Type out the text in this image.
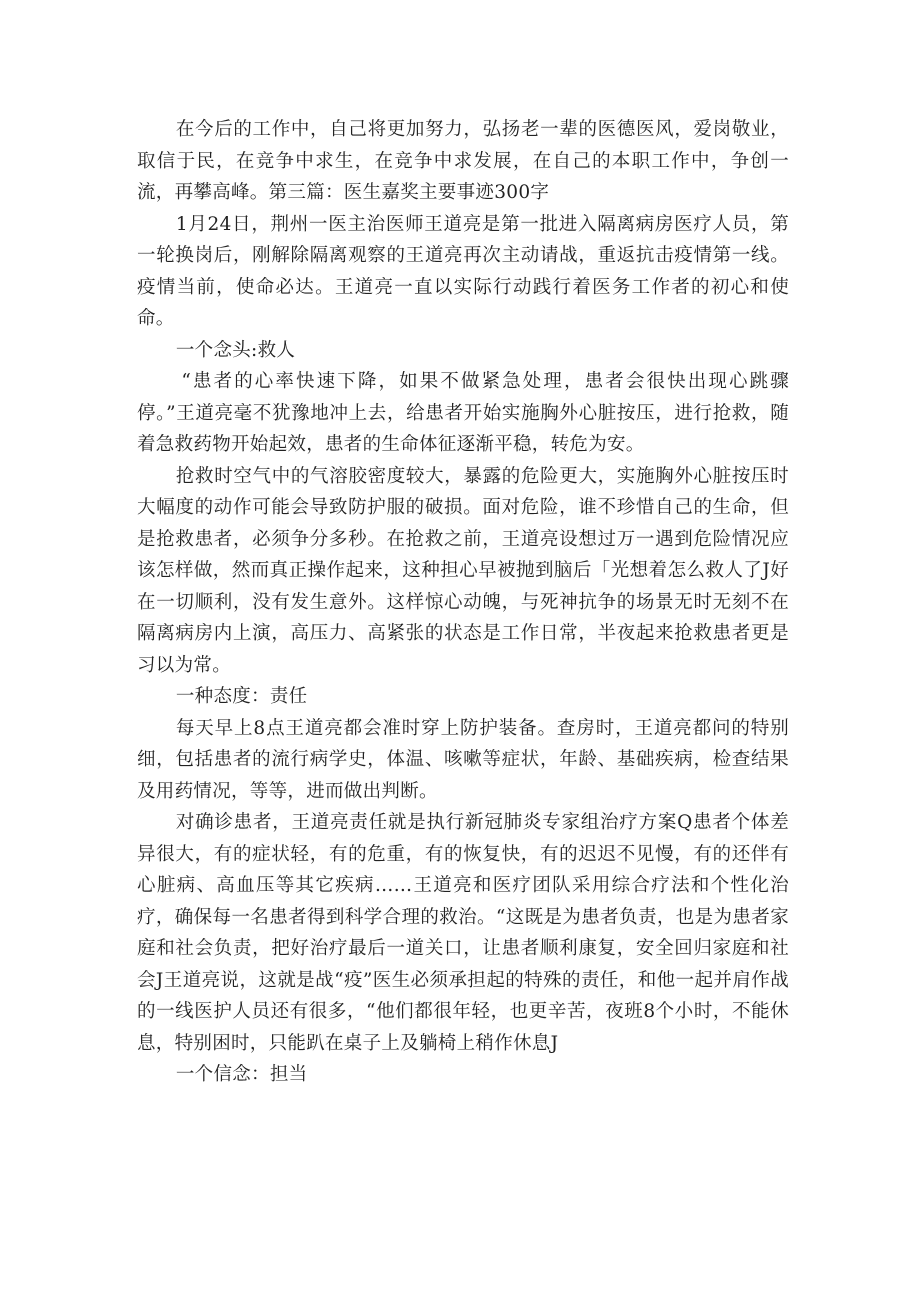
在今后的工作中，自己将更加努力，弘扬老一辈的医德医风，爱岗敬业，取信于民，在竞争中求生，在竞争中求发展，在自己的本职工作中，争创一流，再攀高峰。第三篇：医生嘉奖主要事迹300字

1月24日，荆州一医主治医师王道亮是第一批进入隔离病房医疗人员，第一轮换岗后，刚解除隔离观察的王道亮再次主动请战，重返抗击疫情第一线。疫情当前，使命必达。王道亮一直以实际行动践行着医务工作者的初心和使命。

一个念头:救人

“患者的心率快速下降，如果不做紧急处理，患者会很快出现心跳骤停。”王道亮毫不犹豫地冲上去，给患者开始实施胸外心脏按压，进行抢救，随着急救药物开始起效，患者的生命体征逐渐平稳，转危为安。

抢救时空气中的气溶胶密度较大，暴露的危险更大，实施胸外心脏按压时大幅度的动作可能会导致防护服的破损。面对危险，谁不珍惜自己的生命，但是抢救患者，必须争分多秒。在抢救之前，王道亮设想过万一遇到危险情况应该怎样做，然而真正操作起来，这种担心早被抛到脑后「光想着怎么救人了J好在一切顺利，没有发生意外。这样惊心动魄，与死神抗争的场景无时无刻不在隔离病房内上演，高压力、高紧张的状态是工作日常，半夜起来抢救患者更是习以为常。

一种态度：责任

每天早上8点王道亮都会准时穿上防护装备。查房时，王道亮都问的特别细，包括患者的流行病学史，体温、咳嗽等症状，年龄、基础疾病，检查结果及用药情况，等等，进而做出判断。

对确诊患者，王道亮责任就是执行新冠肺炎专家组治疗方案Q患者个体差异很大，有的症状轻，有的危重，有的恢复快，有的迟迟不见慢，有的还伴有心脏病、高血压等其它疾病……王道亮和医疗团队采用综合疗法和个性化治疗，确保每一名患者得到科学合理的救治。“这既是为患者负责，也是为患者家庭和社会负责，把好治疗最后一道关口，让患者顺利康复，安全回归家庭和社会J王道亮说，这就是战“疫”医生必须承担起的特殊的责任，和他一起并肩作战的一线医护人员还有很多，“他们都很年轻，也更辛苦，夜班8个小时，不能休息，特别困时，只能趴在桌子上及躺椅上稍作休息J

一个信念：担当
